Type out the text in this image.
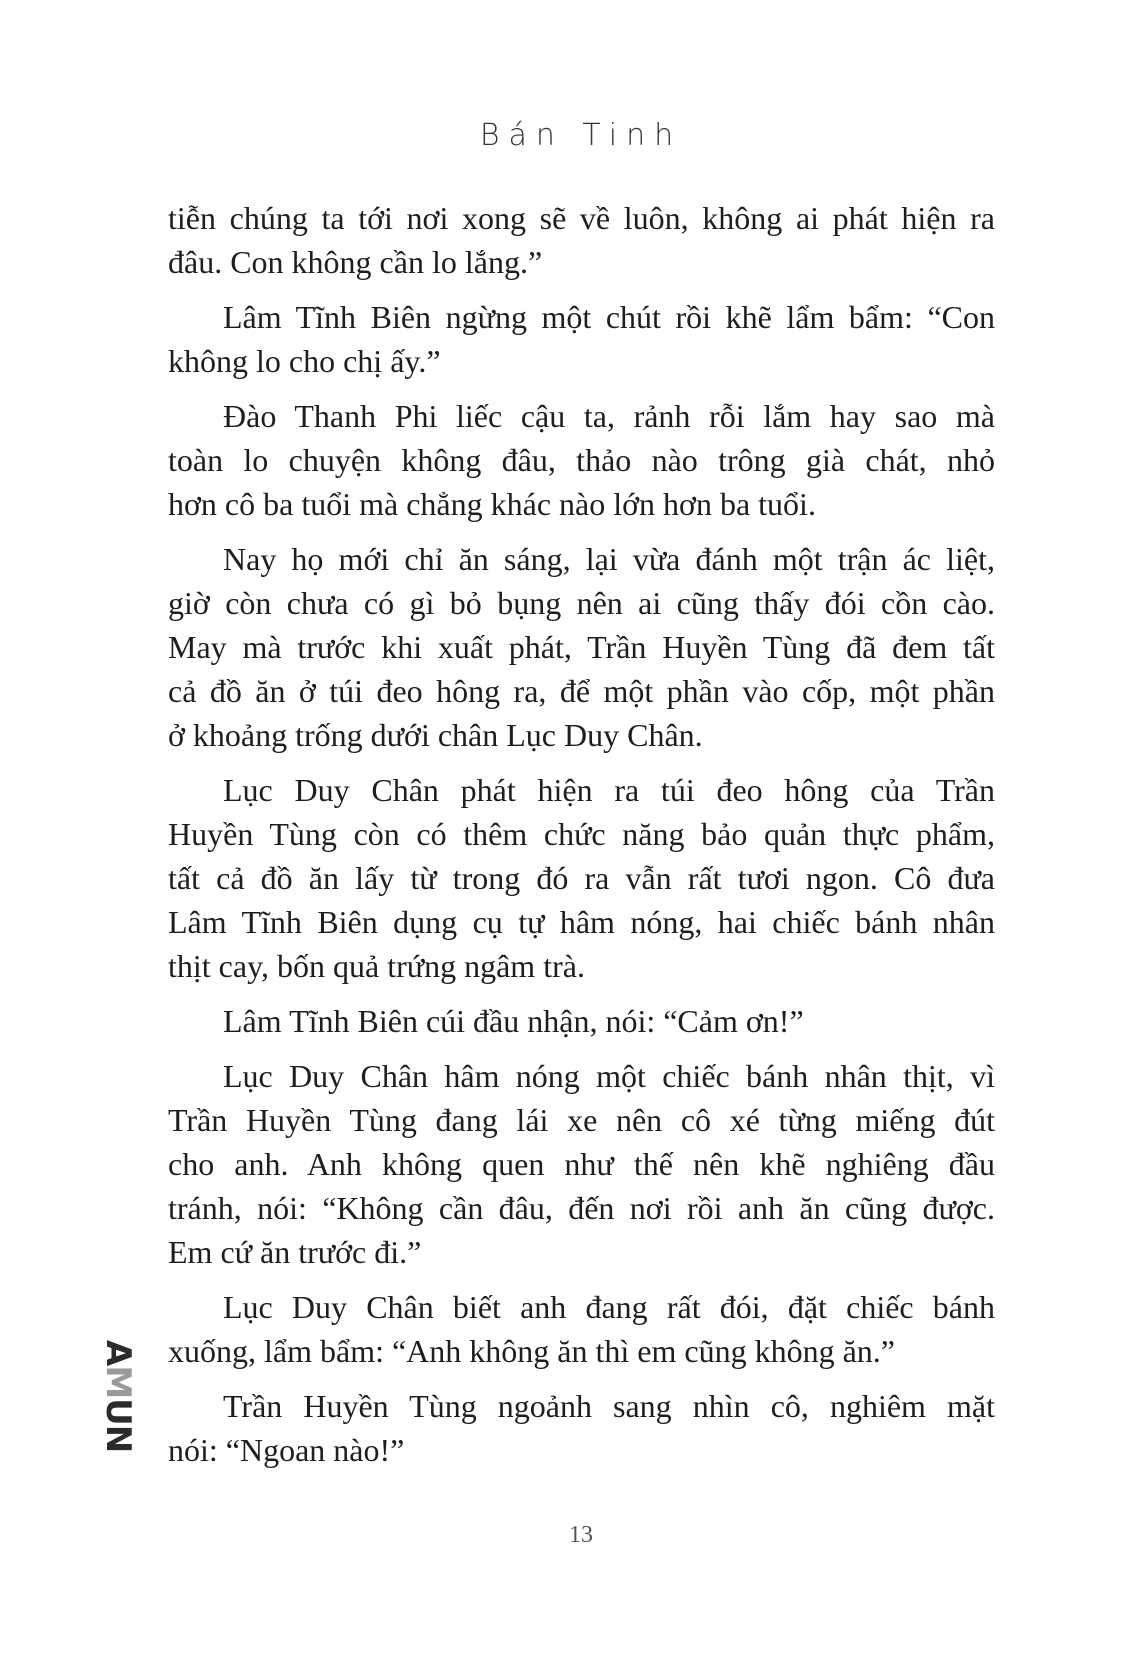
Bán Tinh
tiễn chúng ta tới nơi xong sẽ về luôn, không ai phát hiện ra
đâu. Con không cần lo lắng.”
Lâm Tĩnh Biên ngừng một chút rồi khẽ lẩm bẩm: “Con
không lo cho chị ấy.”
Đào Thanh Phi liếc cậu ta, rảnh rỗi lắm hay sao mà
toàn lo chuyện không đâu, thảo nào trông già chát, nhỏ
hơn cô ba tuổi mà chẳng khác nào lớn hơn ba tuổi.
Nay họ mới chỉ ăn sáng, lại vừa đánh một trận ác liệt,
giờ còn chưa có gì bỏ bụng nên ai cũng thấy đói cồn cào.
May mà trước khi xuất phát, Trần Huyền Tùng đã đem tất
cả đồ ăn ở túi đeo hông ra, để một phần vào cốp, một phần
ở khoảng trống dưới chân Lục Duy Chân.
Lục Duy Chân phát hiện ra túi đeo hông của Trần
Huyền Tùng còn có thêm chức năng bảo quản thực phẩm,
tất cả đồ ăn lấy từ trong đó ra vẫn rất tươi ngon. Cô đưa
Lâm Tĩnh Biên dụng cụ tự hâm nóng, hai chiếc bánh nhân
thịt cay, bốn quả trứng ngâm trà.
Lâm Tĩnh Biên cúi đầu nhận, nói: “Cảm ơn!”
Lục Duy Chân hâm nóng một chiếc bánh nhân thịt, vì
Trần Huyền Tùng đang lái xe nên cô xé từng miếng đút
cho anh. Anh không quen như thế nên khẽ nghiêng đầu
tránh, nói: “Không cần đâu, đến nơi rồi anh ăn cũng được.
Em cứ ăn trước đi.”
Lục Duy Chân biết anh đang rất đói, đặt chiếc bánh
xuống, lẩm bẩm: “Anh không ăn thì em cũng không ăn.”
Trần Huyền Tùng ngoảnh sang nhìn cô, nghiêm mặt
nói: “Ngoan nào!”
AMUN
13
